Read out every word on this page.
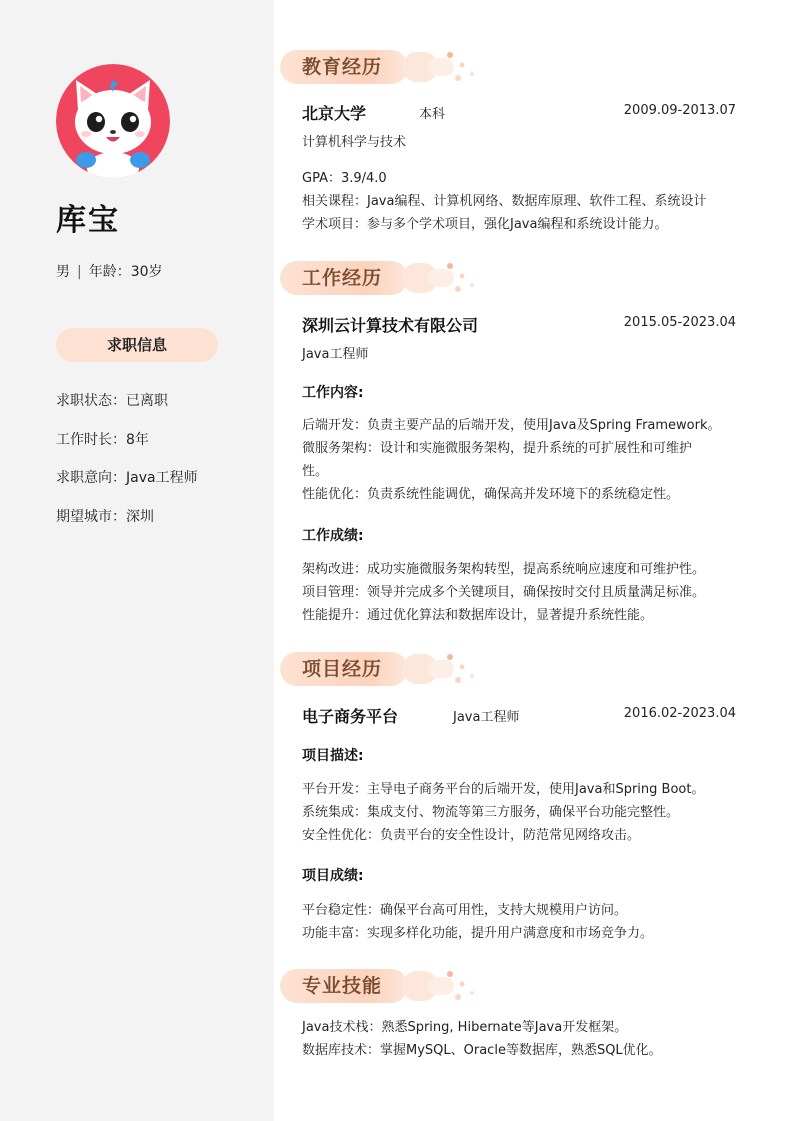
库宝
男 | 年龄：30岁
求职信息
求职状态：已离职
工作时长：8年
求职意向：Java工程师
期望城市：深圳
教育经历
北京大学	本科	2009.09-2013.07
计算机科学与技术
GPA：3.9/4.0
相关课程：Java编程、计算机网络、数据库原理、软件工程、系统设计
学术项目：参与多个学术项目，强化Java编程和系统设计能力。
工作经历
深圳云计算技术有限公司	2015.05-2023.04
Java工程师
工作内容:
后端开发：负责主要产品的后端开发，使用Java及Spring Framework。
微服务架构：设计和实施微服务架构，提升系统的可扩展性和可维护
性。
性能优化：负责系统性能调优，确保高并发环境下的系统稳定性。
工作成绩:
架构改进：成功实施微服务架构转型，提高系统响应速度和可维护性。
项目管理：领导并完成多个关键项目，确保按时交付且质量满足标准。
性能提升：通过优化算法和数据库设计，显著提升系统性能。
项目经历
电子商务平台	Java工程师	2016.02-2023.04
项目描述:
平台开发：主导电子商务平台的后端开发，使用Java和Spring Boot。
系统集成：集成支付、物流等第三方服务，确保平台功能完整性。
安全性优化：负责平台的安全性设计，防范常见网络攻击。
项目成绩:
平台稳定性：确保平台高可用性，支持大规模用户访问。
功能丰富：实现多样化功能，提升用户满意度和市场竞争力。
专业技能
Java技术栈：熟悉Spring, Hibernate等Java开发框架。
数据库技术：掌握MySQL、Oracle等数据库，熟悉SQL优化。
